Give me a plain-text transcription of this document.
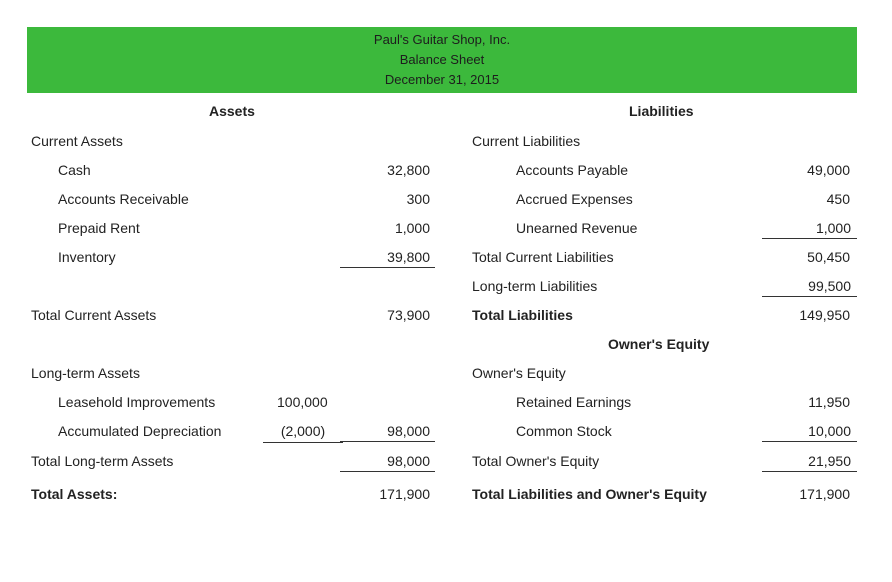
Paul's Guitar Shop, Inc.
Balance Sheet
December 31, 2015
Assets
Current Assets
Cash	32,800
Accounts Receivable	300
Prepaid Rent	1,000
Inventory	39,800
Total Current Assets	73,900
Long-term Assets
Leasehold Improvements	100,000
Accumulated Depreciation	(2,000)	98,000
Total Long-term Assets	98,000
Total Assets:	171,900
Liabilities
Current Liabilities
Accounts Payable	49,000
Accrued Expenses	450
Unearned Revenue	1,000
Total Current Liabilities	50,450
Long-term Liabilities	99,500
Total Liabilities	149,950
Owner's Equity
Owner's Equity
Retained Earnings	11,950
Common Stock	10,000
Total Owner's Equity	21,950
Total Liabilities and Owner's Equity	171,900
